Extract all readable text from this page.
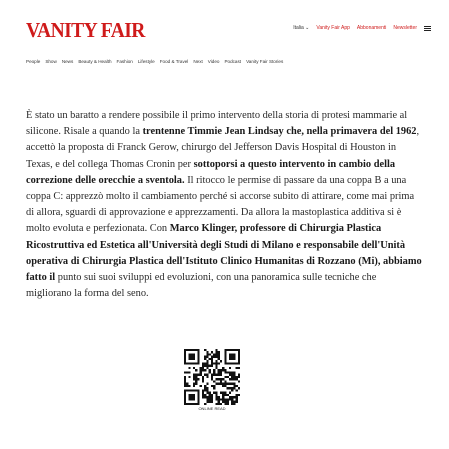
VANITY FAIR	Italia ⌄ Vanity Fair App Abbonamenti Newsletter
People Show News Beauty & Health Fashion Lifestyle Food & Travel Next Video Podcast Vanity Fair Stories

È stato un baratto a rendere possibile il primo intervento della storia di protesi mammarie al silicone. Risale a quando la trentenne Timmie Jean Lindsay che, nella primavera del 1962, accettò la proposta di Franck Gerow, chirurgo del Jefferson Davis Hospital di Houston in Texas, e del collega Thomas Cronin per sottoporsi a questo intervento in cambio della correzione delle orecchie a sventola. Il ritocco le permise di passare da una coppa B a una coppa C: apprezzò molto il cambiamento perché si accorse subito di attirare, come mai prima di allora, sguardi di approvazione e apprezzamenti. Da allora la mastoplastica additiva si è molto evoluta e perfezionata. Con Marco Klinger, professore di Chirurgia Plastica Ricostruttiva ed Estetica all'Università degli Studi di Milano e responsabile dell'Unità operativa di Chirurgia Plastica dell'Istituto Clinico Humanitas di Rozzano (Mi), abbiamo fatto il punto sui suoi sviluppi ed evoluzioni, con una panoramica sulle tecniche che migliorano la forma del seno.

ONLINE READ
